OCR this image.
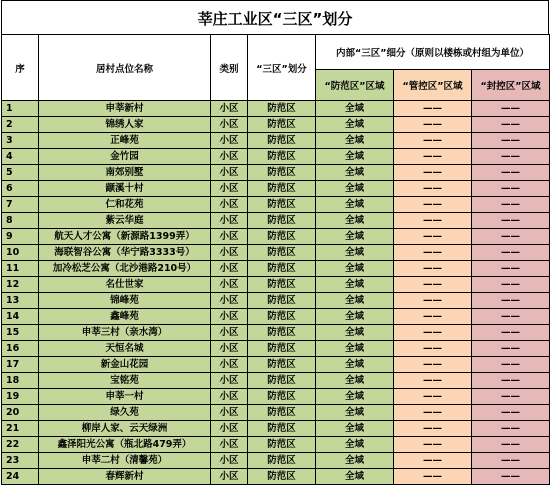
莘庄工业区“三区”划分
序	居村点位名称	类别	“三区”划分	内部“三区”细分（原则以楼栋或村组为单位）		
				“防范区”区域	“管控区”区域	“封控区”区域
1	申莘新村	小区	防范区	全域	——	——
2	锦绣人家	小区	防范区	全域	——	——
3	正峰苑	小区	防范区	全域	——	——
4	金竹园	小区	防范区	全域	——	——
5	南郊别墅	小区	防范区	全域	——	——
6	颛溪十村	小区	防范区	全域	——	——
7	仁和花苑	小区	防范区	全域	——	——
8	紫云华庭	小区	防范区	全域	——	——
9	航天人才公寓（新源路1399弄）	小区	防范区	全域	——	——
10	海联智谷公寓（华宁路3333号）	小区	防范区	全域	——	——
11	加冷松芝公寓（北沙港路210号）	小区	防范区	全域	——	——
12	名仕世家	小区	防范区	全域	——	——
13	锦峰苑	小区	防范区	全域	——	——
14	鑫峰苑	小区	防范区	全域	——	——
15	申莘三村（亲水湾）	小区	防范区	全域	——	——
16	天恒名城	小区	防范区	全域	——	——
17	新金山花园	小区	防范区	全域	——	——
18	宝铭苑	小区	防范区	全域	——	——
19	申莘一村	小区	防范区	全域	——	——
20	绿久苑	小区	防范区	全域	——	——
21	柳岸人家、云天绿洲	小区	防范区	全域	——	——
22	鑫泽阳光公寓（瓶北路479弄）	小区	防范区	全域	——	——
23	申莘二村（清馨苑）	小区	防范区	全域	——	——
24	春辉新村	小区	防范区	全域	——	——
